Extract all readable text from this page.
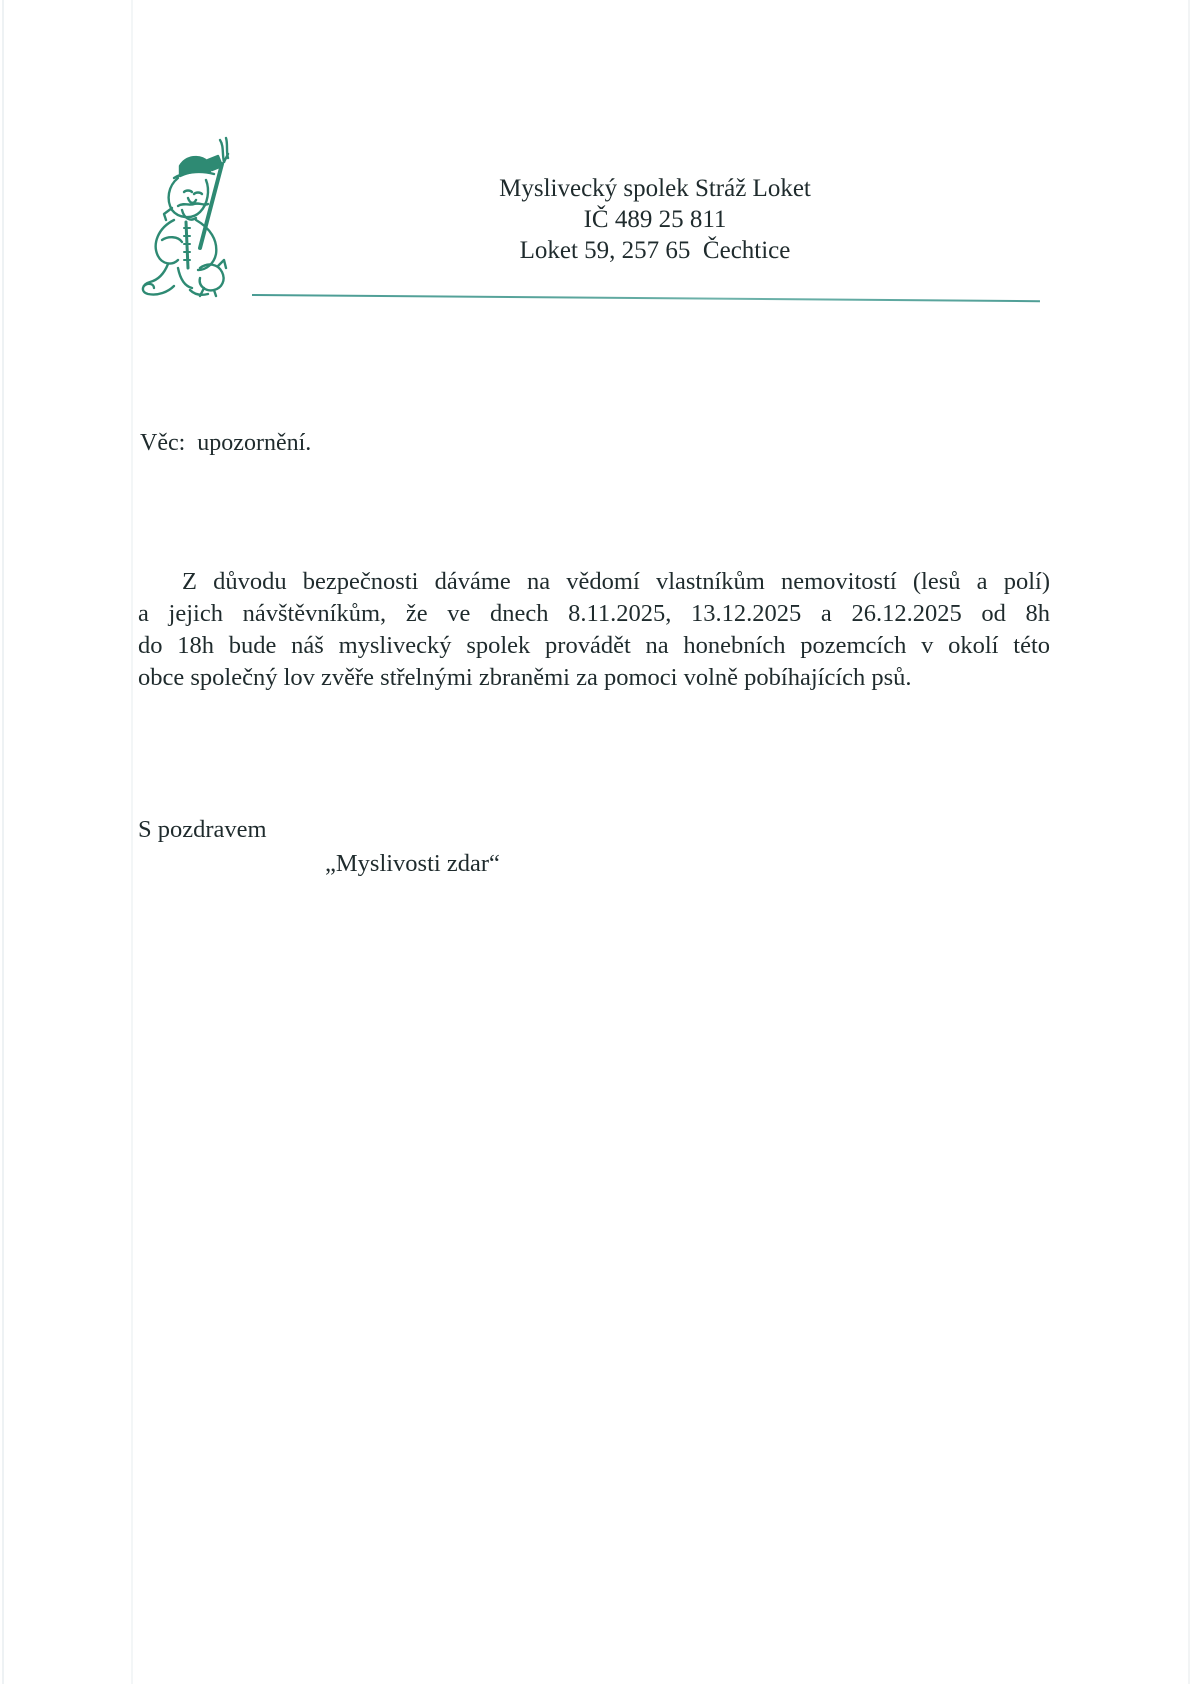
Myslivecký spolek Stráž Loket
IČ 489 25 811
Loket 59, 257 65  Čechtice
Věc:  upozornění.
Z důvodu bezpečnosti dáváme na vědomí vlastníkům nemovitostí (lesů a polí)
a jejich návštěvníkům, že ve dnech 8.11.2025, 13.12.2025 a 26.12.2025 od 8h
do 18h bude náš myslivecký spolek provádět na honebních pozemcích v okolí této
obce společný lov zvěře střelnými zbraněmi za pomoci volně pobíhajících psů.
S pozdravem
„Myslivosti zdar“
